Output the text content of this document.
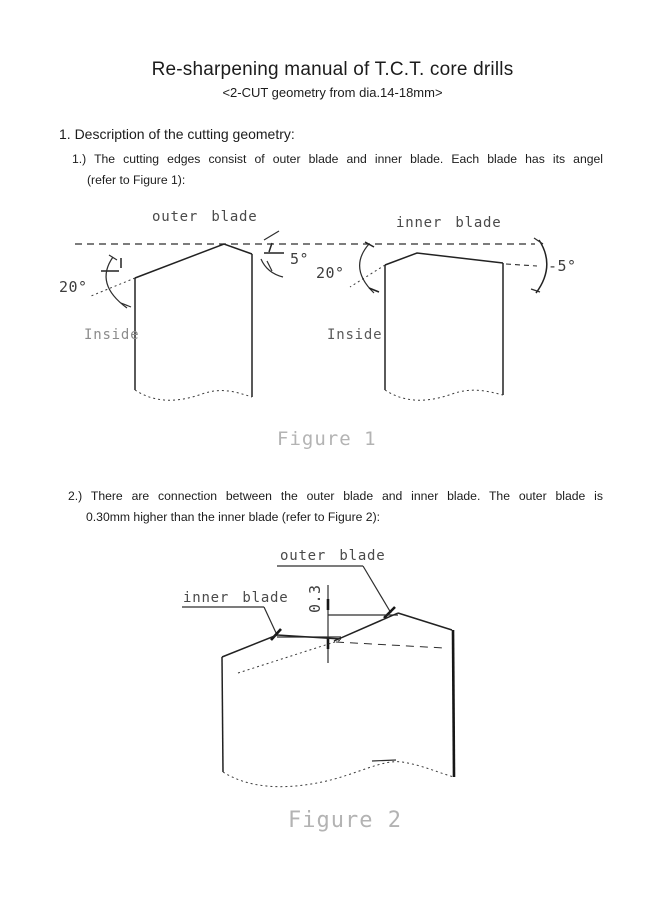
Re-sharpening manual of T.C.T. core drills
<2-CUT geometry from dia.14-18mm>
1. Description of the cutting geometry:
1.) The cutting edges consist of outer blade and inner blade. Each blade has its angel
(refer to Figure 1):
outer blade	inner blade
20°
5°
20°	-5°
Inside	Inside
Figure 1
2.) There are connection between the outer blade and inner blade. The outer blade is
0.30mm higher than the inner blade (refer to Figure 2):
outer blade
inner blade 0.3
Figure 2
